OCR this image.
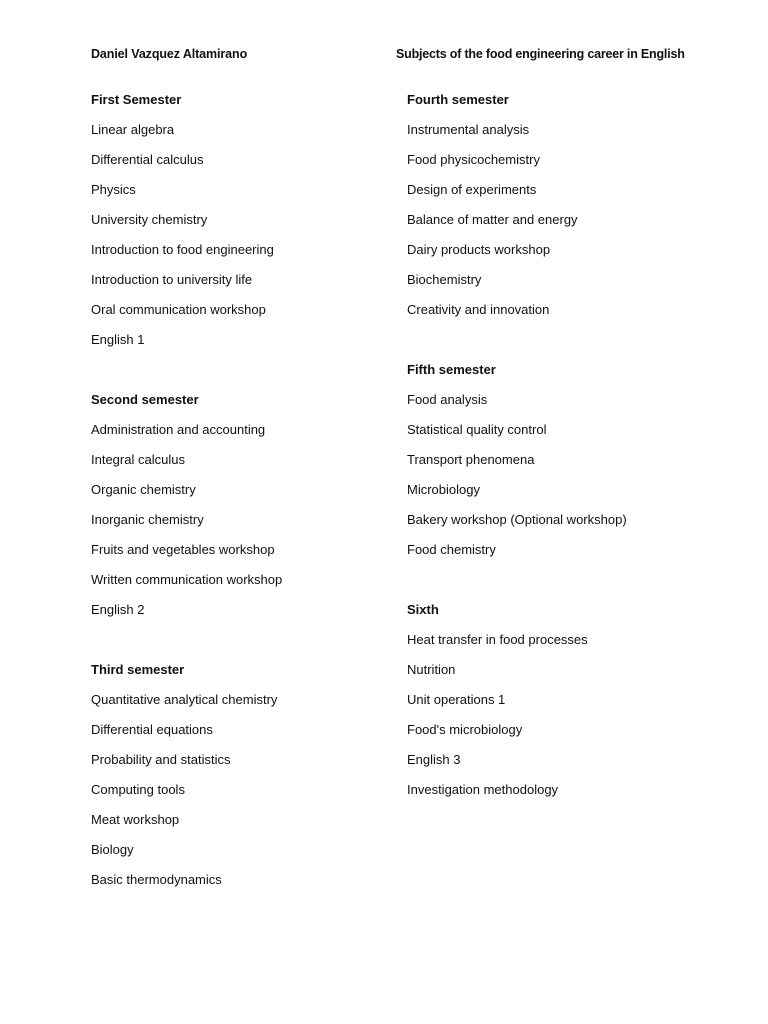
Daniel Vazquez Altamirano	Subjects of the food engineering career in English
First Semester
Linear algebra
Differential calculus
Physics
University chemistry
Introduction to food engineering
Introduction to university life
Oral communication workshop
English 1
Second semester
Administration and accounting
Integral calculus
Organic chemistry
Inorganic chemistry
Fruits and vegetables workshop
Written communication workshop
English 2
Third semester
Quantitative analytical chemistry
Differential equations
Probability and statistics
Computing tools
Meat workshop
Biology
Basic thermodynamics
Fourth semester
Instrumental analysis
Food physicochemistry
Design of experiments
Balance of matter and energy
Dairy products workshop
Biochemistry
Creativity and innovation
Fifth semester
Food analysis
Statistical quality control
Transport phenomena
Microbiology
Bakery workshop (Optional workshop)
Food chemistry
Sixth
Heat transfer in food processes
Nutrition
Unit operations 1
Food's microbiology
English 3
Investigation methodology
